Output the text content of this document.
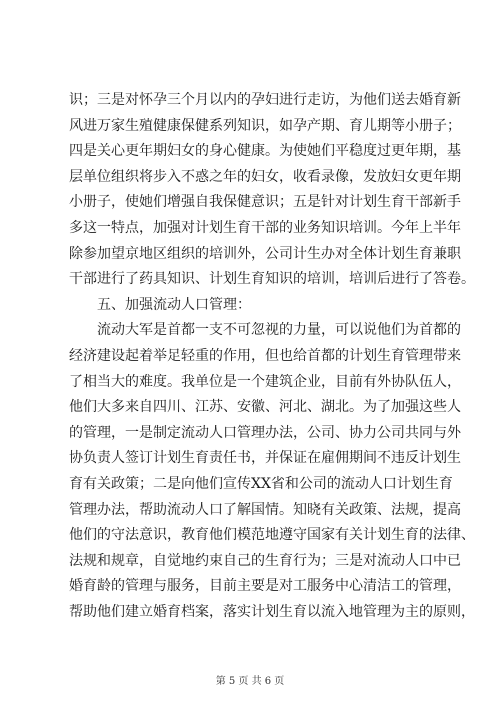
识；三是对怀孕三个月以内的孕妇进行走访，为他们送去婚育新
风进万家生殖健康保健系列知识，如孕产期、育儿期等小册子；
四是关心更年期妇女的身心健康。为使她们平稳度过更年期，基
层单位组织将步入不惑之年的妇女，收看录像，发放妇女更年期
小册子，使她们增强自我保健意识；五是针对计划生育干部新手
多这一特点，加强对计划生育干部的业务知识培训。今年上半年
除参加望京地区组织的培训外，公司计生办对全体计划生育兼职
干部进行了药具知识、计划生育知识的培训，培训后进行了答卷。
五、加强流动人口管理：
流动大军是首都一支不可忽视的力量，可以说他们为首都的
经济建设起着举足轻重的作用，但也给首都的计划生育管理带来
了相当大的难度。我单位是一个建筑企业，目前有外协队伍人，
他们大多来自四川、江苏、安徽、河北、湖北。为了加强这些人
的管理，一是制定流动人口管理办法，公司、协力公司共同与外
协负责人签订计划生育责任书，并保证在雇佣期间不违反计划生
育有关政策；二是向他们宣传XX省和公司的流动人口计划生育
管理办法，帮助流动人口了解国情。知晓有关政策、法规，提高
他们的守法意识，教育他们模范地遵守国家有关计划生育的法律、
法规和规章，自觉地约束自己的生育行为；三是对流动人口中已
婚育龄的管理与服务，目前主要是对工服务中心清洁工的管理，
帮助他们建立婚育档案，落实计划生育以流入地管理为主的原则，
第 5 页 共 6 页
